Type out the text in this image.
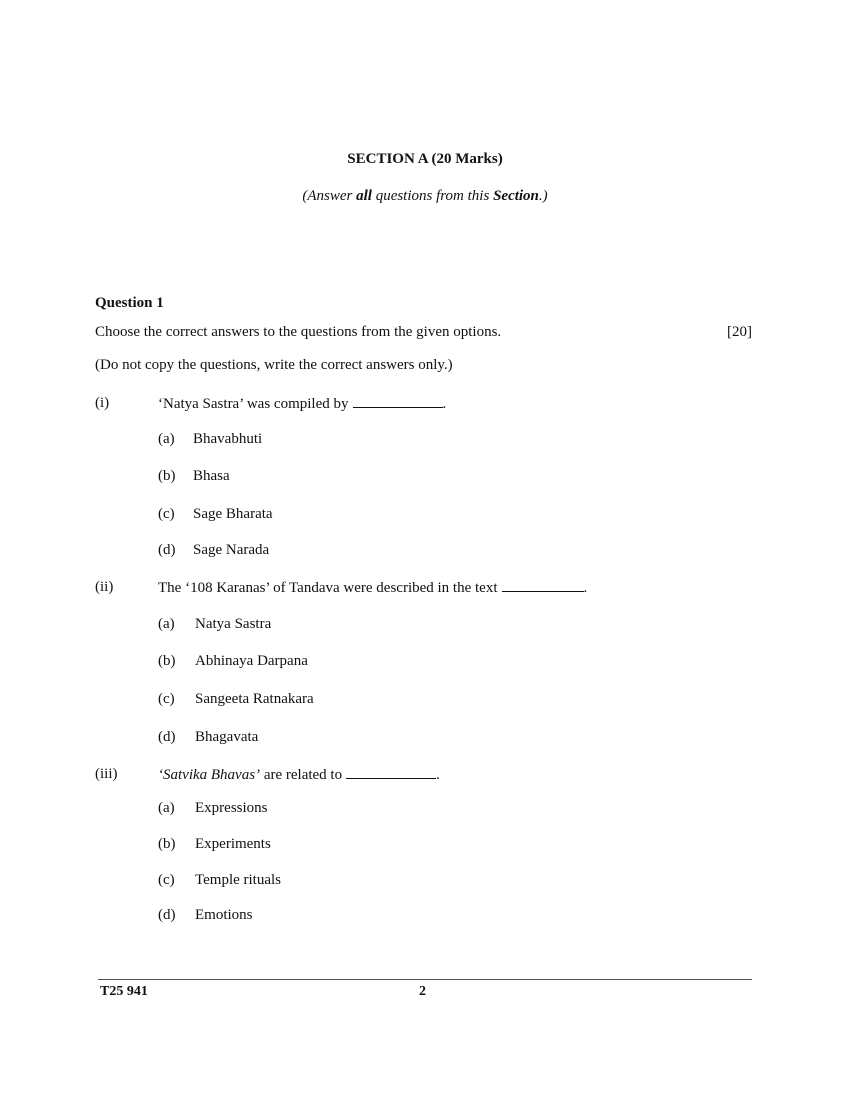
SECTION A (20 Marks)
(Answer all questions from this Section.)
Question 1
Choose the correct answers to the questions from the given options.	[20]
(Do not copy the questions, write the correct answers only.)
(i)	‘Natya Sastra’ was compiled by	.
(a) Bhavabhuti
(b) Bhasa
(c) Sage Bharata
(d) Sage Narada
(ii)	The ‘108 Karanas’ of Tandava were described in the text	.
(a) Natya Sastra
(b) Abhinaya Darpana
(c) Sangeeta Ratnakara
(d) Bhagavata
(iii)	‘Satvika Bhavas’ are related to	.
(a) Expressions
(b) Experiments
(c) Temple rituals
(d) Emotions
T25 941	2
